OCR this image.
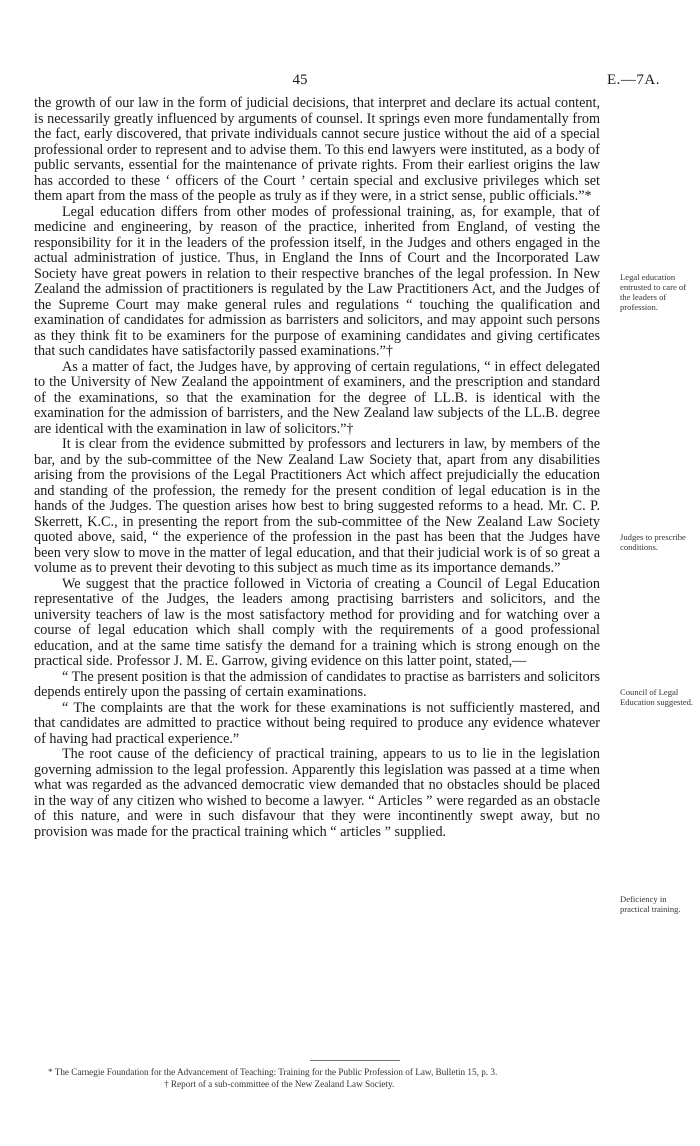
45	E.—7A.

the growth of our law in the form of judicial decisions, that interpret and declare its actual content, is necessarily greatly influenced by arguments of counsel. It springs even more fundamentally from the fact, early discovered, that private individuals cannot secure justice without the aid of a special professional order to represent and to advise them. To this end lawyers were instituted, as a body of public servants, essential for the maintenance of private rights. From their earliest origins the law has accorded to these ‘ officers of the Court ’ certain special and exclusive privileges which set them apart from the mass of the people as truly as if they were, in a strict sense, public officials.”*

Legal education differs from other modes of professional training, as, for example, that of medicine and engineering, by reason of the practice, inherited from England, of vesting the responsibility for it in the leaders of the profession itself, in the Judges and others engaged in the actual administration of justice. Thus, in England the Inns of Court and the Incorporated Law Society have great powers in relation to their respective branches of the legal profession. In New Zealand the admission of practitioners is regulated by the Law Practitioners Act, and the Judges of the Supreme Court may make general rules and regulations “ touching the qualification and examination of candidates for admission as barristers and solicitors, and may appoint such persons as they think fit to be examiners for the purpose of examining candidates and giving certificates that such candidates have satisfactorily passed examinations.”†

As a matter of fact, the Judges have, by approving of certain regulations, “ in effect delegated to the University of New Zealand the appointment of examiners, and the prescription and standard of the examinations, so that the examination for the degree of LL.B. is identical with the examination for the admission of barristers, and the New Zealand law subjects of the LL.B. degree are identical with the examination in law of solicitors.”†

It is clear from the evidence submitted by professors and lecturers in law, by members of the bar, and by the sub-committee of the New Zealand Law Society that, apart from any disabilities arising from the provisions of the Legal Practitioners Act which affect prejudicially the education and standing of the profession, the remedy for the present condition of legal education is in the hands of the Judges. The question arises how best to bring suggested reforms to a head. Mr. C. P. Skerrett, K.C., in presenting the report from the sub-committee of the New Zealand Law Society quoted above, said, “ the experience of the profession in the past has been that the Judges have been very slow to move in the matter of legal education, and that their judicial work is of so great a volume as to prevent their devoting to this subject as much time as its importance demands.”

We suggest that the practice followed in Victoria of creating a Council of Legal Education representative of the Judges, the leaders among practising barristers and solicitors, and the university teachers of law is the most satisfactory method for providing and for watching over a course of legal education which shall comply with the requirements of a good professional education, and at the same time satisfy the demand for a training which is strong enough on the practical side. Professor J. M. E. Garrow, giving evidence on this latter point, stated,—

“ The present position is that the admission of candidates to practise as barristers and solicitors depends entirely upon the passing of certain examinations.

“ The complaints are that the work for these examinations is not sufficiently mastered, and that candidates are admitted to practice without being required to produce any evidence whatever of having had practical experience.”

The root cause of the deficiency of practical training, appears to us to lie in the legislation governing admission to the legal profession. Apparently this legislation was passed at a time when what was regarded as the advanced democratic view demanded that no obstacles should be placed in the way of any citizen who wished to become a lawyer. “ Articles ” were regarded as an obstacle of this nature, and were in such disfavour that they were incontinently swept away, but no provision was made for the practical training which “ articles ” supplied.

Legal education entrusted to care of the leaders of profession.
Judges to prescribe conditions.
Council of Legal Education suggested.
Deficiency in practical training.

* The Carnegie Foundation for the Advancement of Teaching: Training for the Public Profession of Law, Bulletin 15, p. 3.

† Report of a sub-committee of the New Zealand Law Society.
